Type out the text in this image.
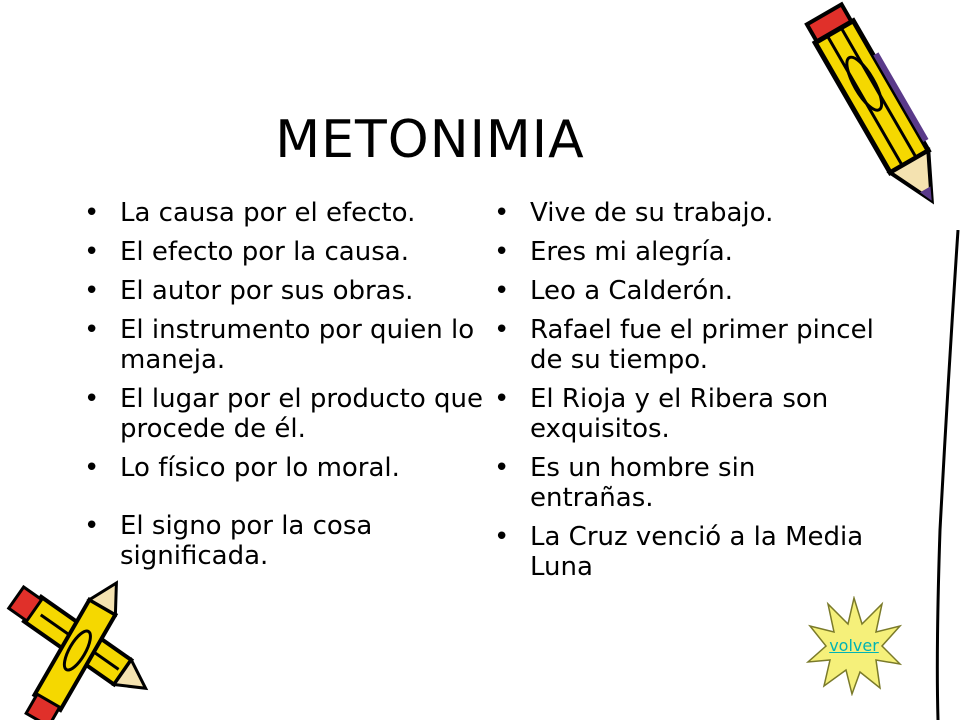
METONIMIA
• La causa por el efecto.
• El efecto por la causa.
• El autor por sus obras.
• El instrumento por quien lo maneja.
• El lugar por el producto que procede de él.
• Lo físico por lo moral.
• El signo por la cosa significada.
• Vive de su trabajo.
• Eres mi alegría.
• Leo a Calderón.
• Rafael fue el primer pincel de su tiempo.
• El Rioja y el Ribera son exquisitos.
• Es un hombre sin entrañas.
• La Cruz venció a la Media Luna
volver
